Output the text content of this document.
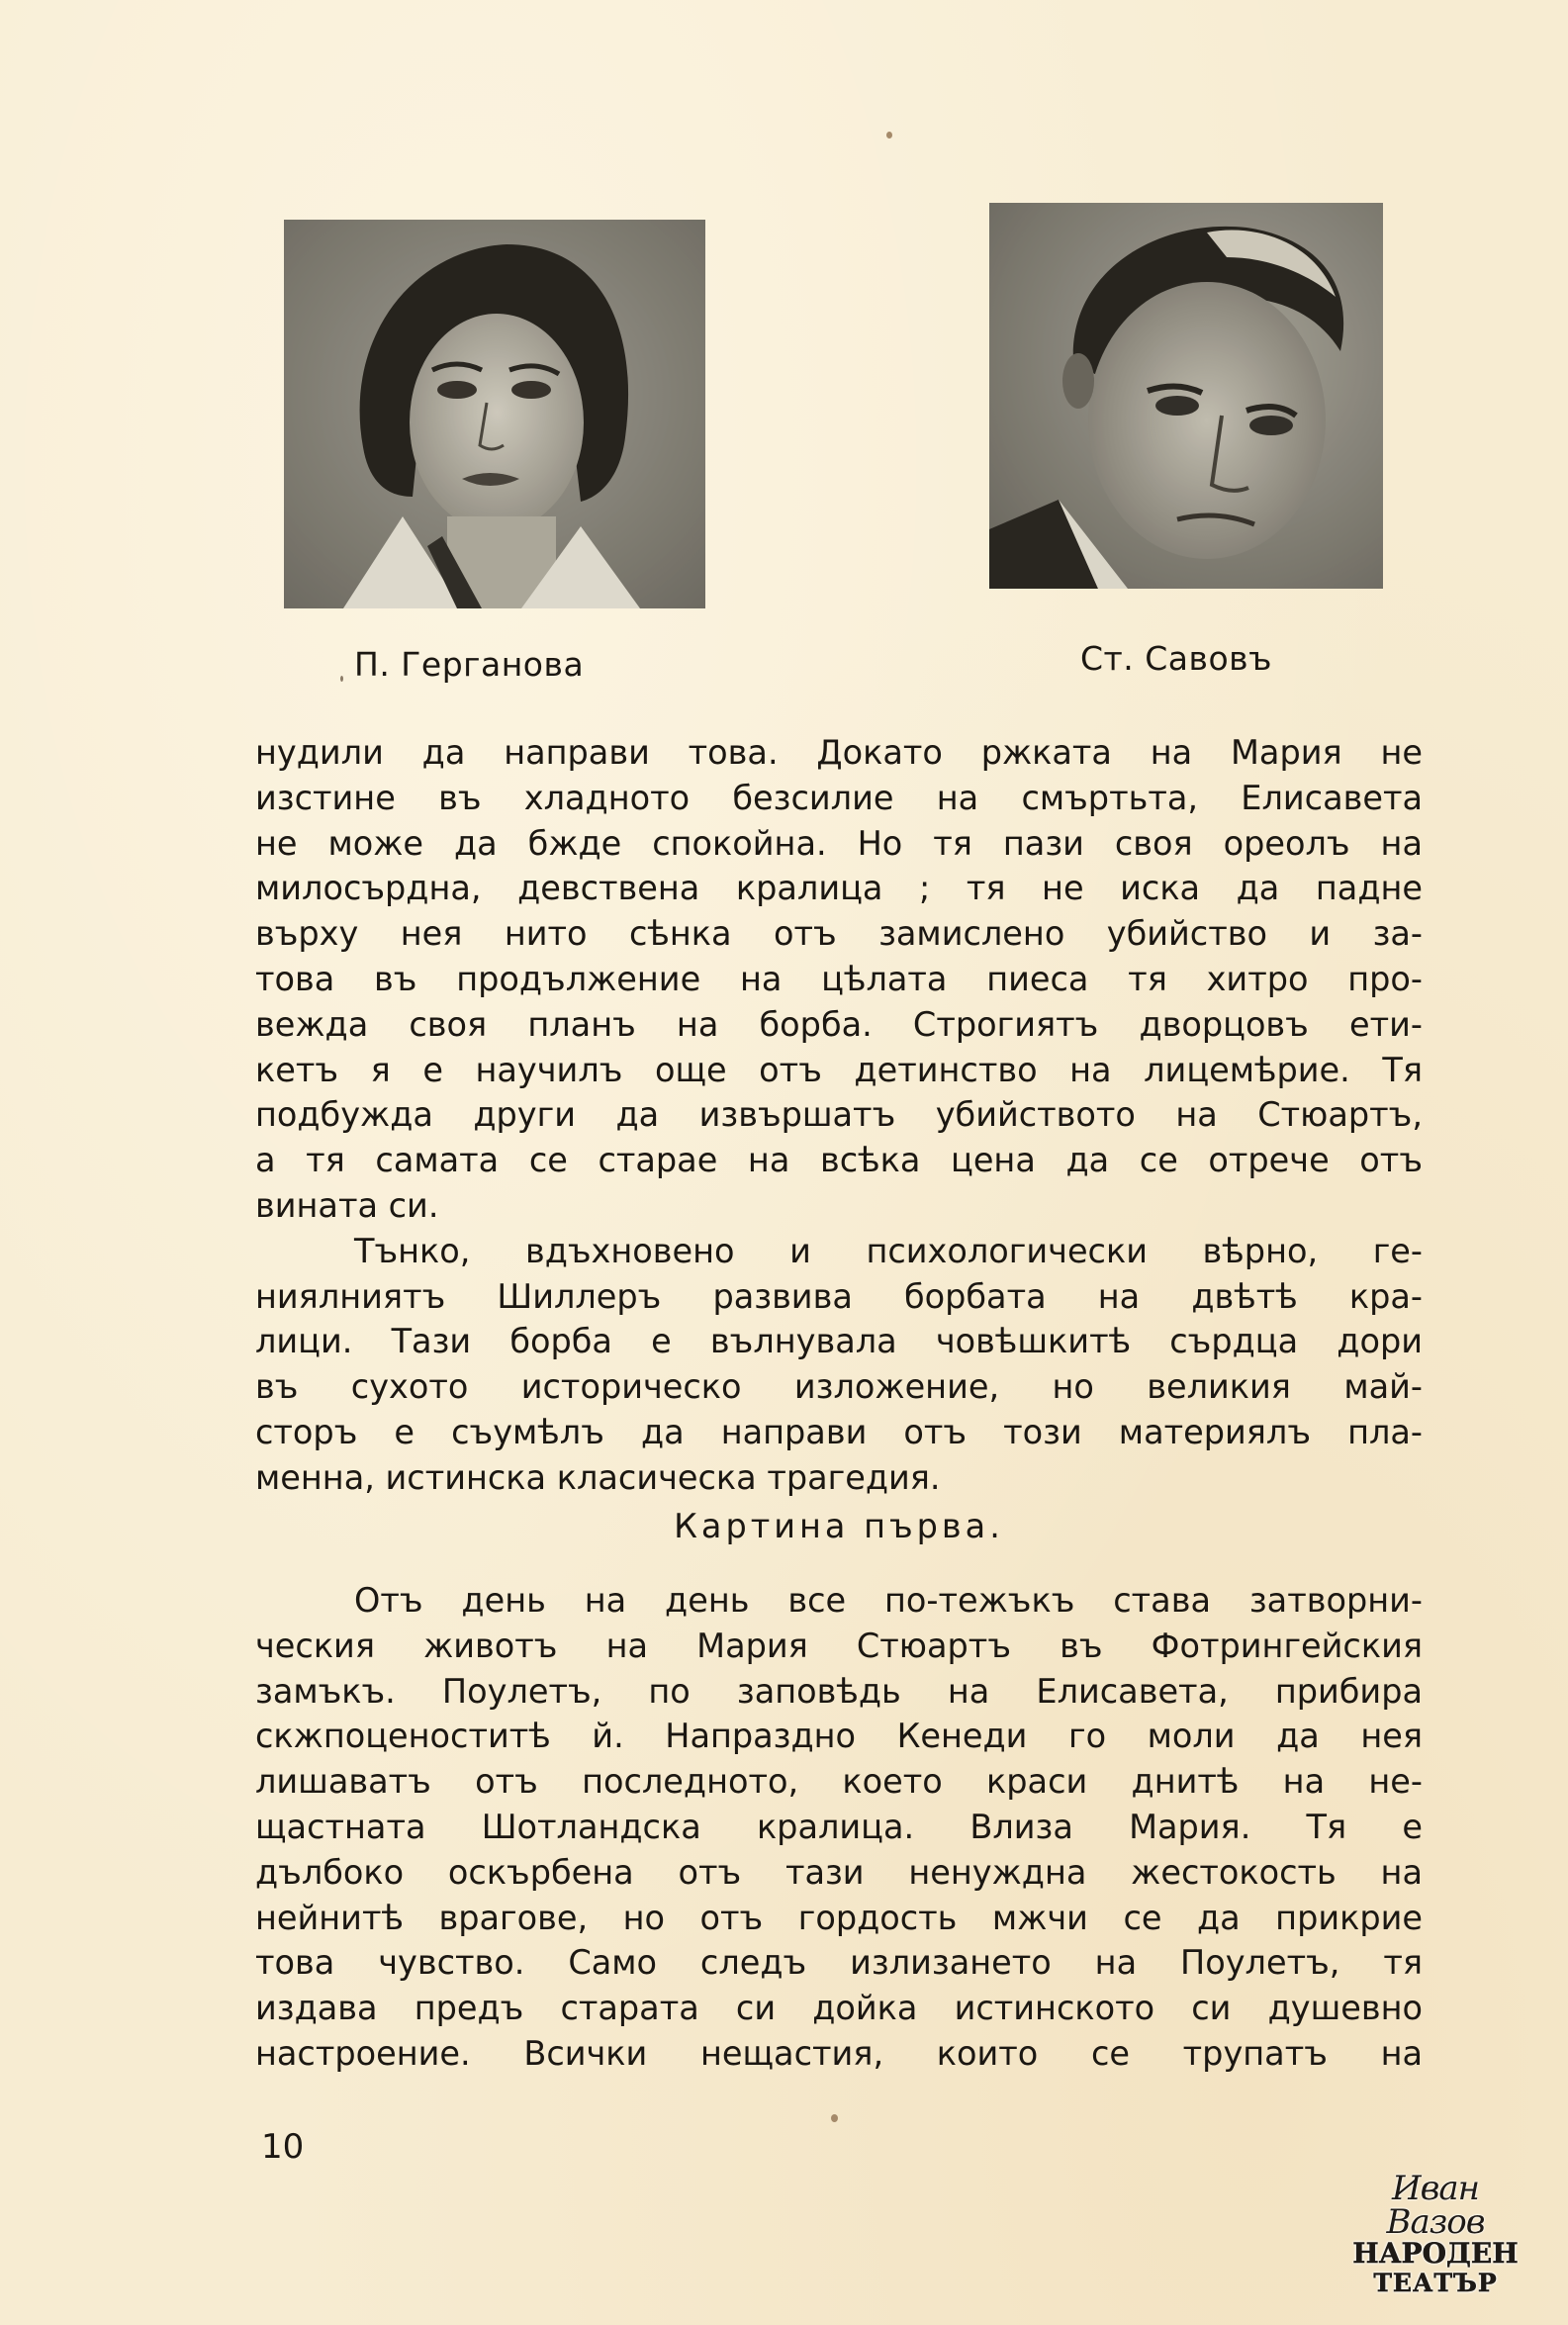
П. Герганова	Ст. Савовъ
нудили да направи това. Докато ржката на Мария не
изстине въ хладното безсилие на смъртьта, Елисавета
не може да бжде спокойна. Но тя пази своя ореолъ на
милосърдна, девствена кралица ; тя не иска да падне
върху нея нито сѣнка отъ замислено убийство и за-
това въ продължение на цѣлата пиеса тя хитро про-
вежда своя планъ на борба. Строгиятъ дворцовъ ети-
кетъ я е научилъ още отъ детинство на лицемѣрие. Тя
подбужда други да извършатъ убийството на Стюартъ,
а тя самата се старае на всѣка цена да се отрече отъ
вината си.
Тънко, вдъхновено и психологически вѣрно, ге-
ниялниятъ Шиллеръ развива борбата на двѣтѣ кра-
лици. Тази борба е вълнувала човѣшкитѣ сърдца дори
въ сухото историческо изложение, но великия май-
сторъ е съумѣлъ да направи отъ този материялъ пла-
менна, истинска класическа трагедия.
Картина първа.
Отъ день на день все по-тежъкъ става затворни-
ческия животъ на Мария Стюартъ въ Фотрингейския
замъкъ. Поулетъ, по заповѣдь на Елисавета, прибира
скжпоценоститѣ й. Напраздно Кенеди го моли да нея
лишаватъ отъ последното, което краси днитѣ на не-
щастната Шотландска кралица. Влиза Мария. Тя е
дълбоко оскърбена отъ тази ненуждна жестокость на
нейнитѣ врагове, но отъ гордость мжчи се да прикрие
това чувство. Само следъ излизането на Поулетъ, тя
издава предъ старата си дойка истинското си душевно
настроение. Всички нещастия, които се трупатъ на
10
Иван Вазов
НАРОДЕН
ТЕАТЪР
